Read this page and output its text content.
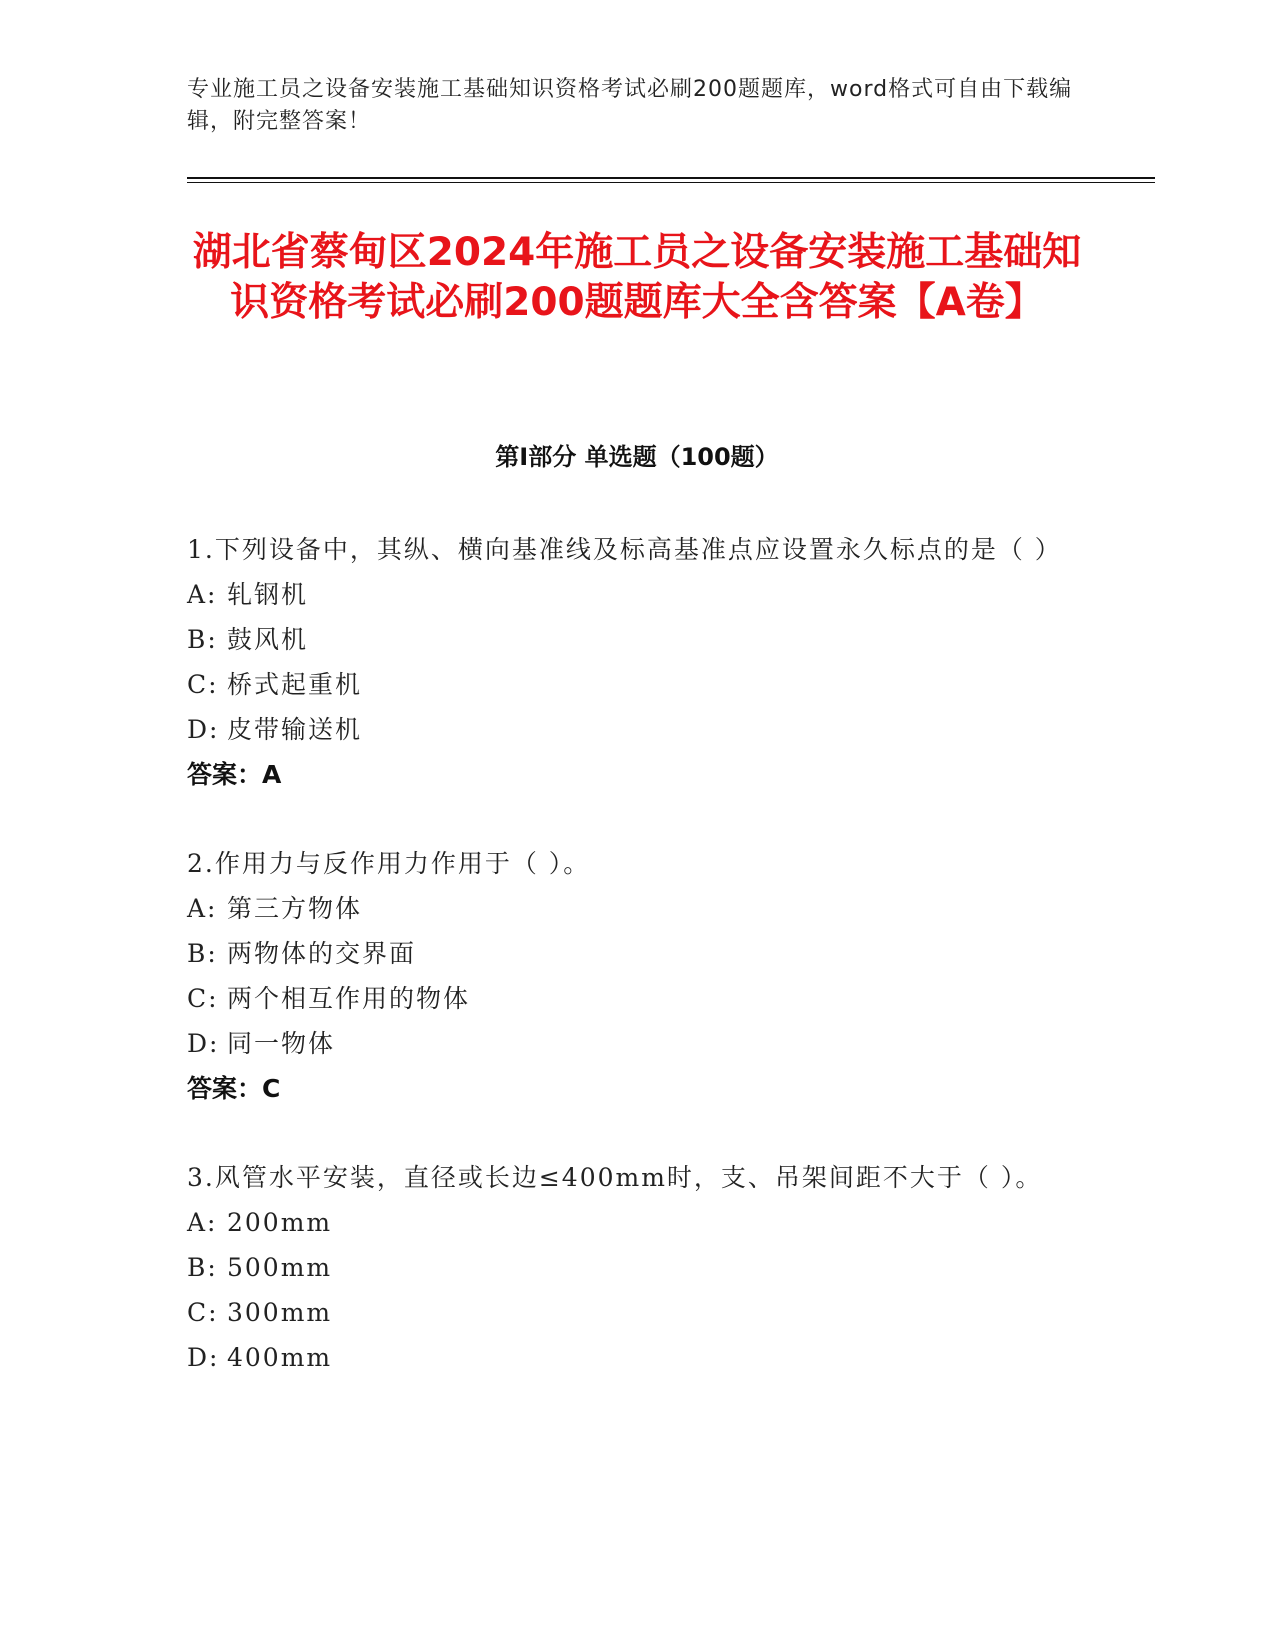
专业施工员之设备安装施工基础知识资格考试必刷200题题库，word格式可自由下载编辑，附完整答案！
湖北省蔡甸区2024年施工员之设备安装施工基础知识资格考试必刷200题题库大全含答案【A卷】
第Ⅰ部分 单选题（100题）
1.下列设备中，其纵、横向基准线及标高基准点应设置永久标点的是（ ）
A: 轧钢机
B: 鼓风机
C: 桥式起重机
D: 皮带输送机
答案：A
2.作用力与反作用力作用于（ ）。
A: 第三方物体
B: 两物体的交界面
C: 两个相互作用的物体
D: 同一物体
答案：C
3.风管水平安装，直径或长边≤400mm时，支、吊架间距不大于（ ）。
A: 200mm
B: 500mm
C: 300mm
D: 400mm
